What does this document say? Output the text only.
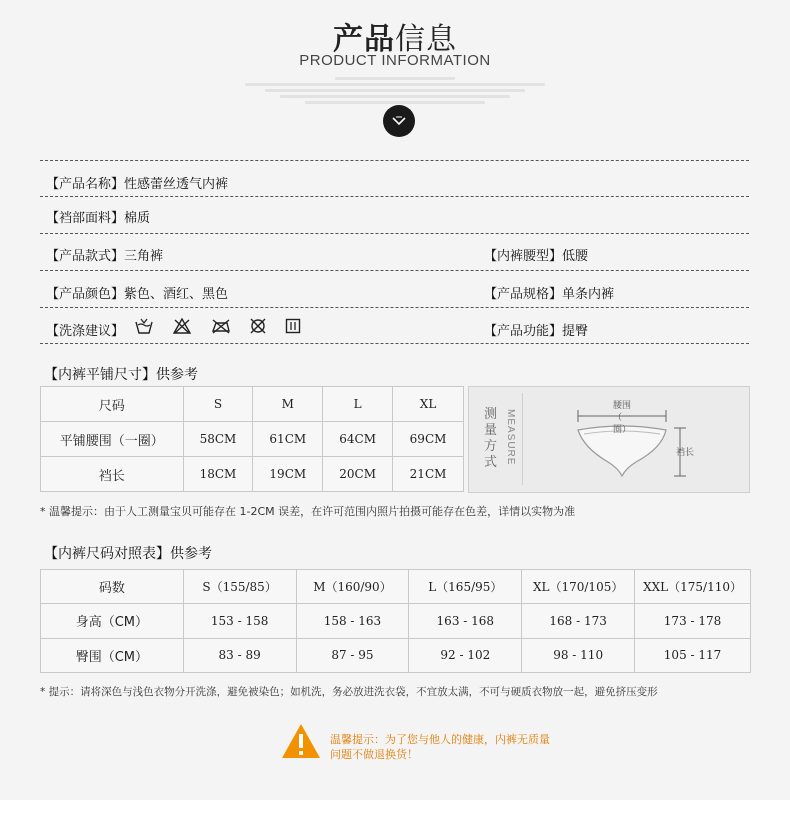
产品信息
PRODUCT INFORMATION
【产品名称】性感蕾丝透气内裤
【裆部面料】棉质
【产品款式】三角裤	【内裤腰型】低腰
【产品颜色】紫色、酒红、黑色	【产品规格】单条内裤
【洗涤建议】	【产品功能】提臀
【内裤平铺尺寸】供参考
尺码	S	M	L	XL
平铺腰围（一圈）	58CM	61CM	64CM	69CM
裆长	18CM	19CM	20CM	21CM
测量方式 MEASURE
腰围
（一圈）
裆长
* 温馨提示：由于人工测量宝贝可能存在 1-2CM 误差，在许可范围内照片拍摄可能存在色差，详情以实物为准
【内裤尺码对照表】供参考
码数	S（155/85）	M（160/90）	L（165/95）	XL（170/105）	XXL（175/110）
身高（CM）	153 - 158	158 - 163	163 - 168	168 - 173	173 - 178
臀围（CM）	83 - 89	87 - 95	92 - 102	98 - 110	105 - 117
* 提示：请将深色与浅色衣物分开洗涤，避免被染色；如机洗，务必放进洗衣袋，不宜放太满，不可与硬质衣物放一起，避免挤压变形
温馨提示：为了您与他人的健康，内裤无质量
问题不做退换货！
